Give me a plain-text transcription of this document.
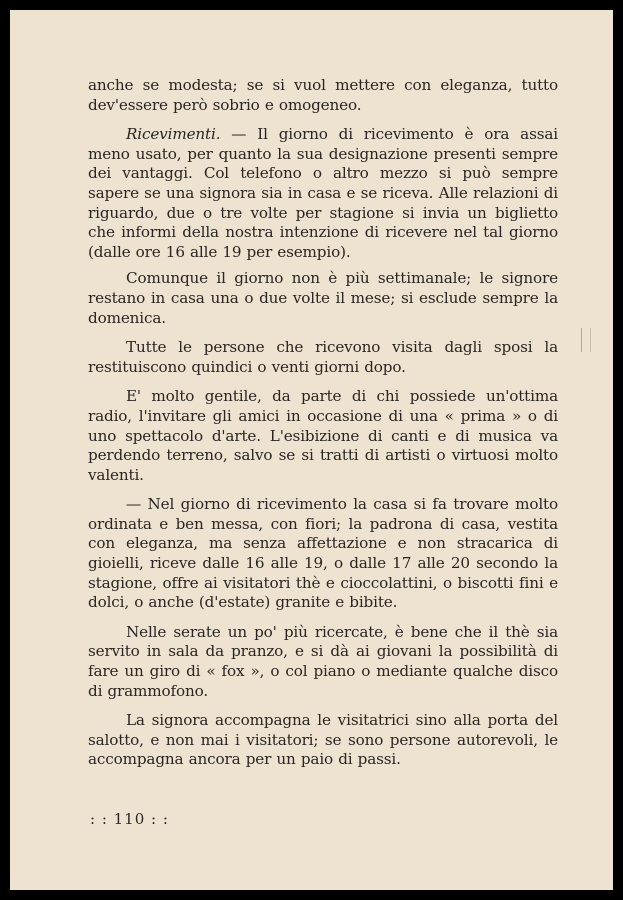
anche se modesta; se si vuol mettere con eleganza, tutto dev'essere però sobrio e omogeneo.

Ricevimenti. — Il giorno di ricevimento è ora assai meno usato, per quanto la sua designazione presenti sempre dei vantaggi. Col telefono o altro mezzo si può sempre sapere se una signora sia in casa e se riceva. Alle relazioni di riguardo, due o tre volte per stagione si invia un biglietto che informi della nostra intenzione di ricevere nel tal giorno (dalle ore 16 alle 19 per esempio).

Comunque il giorno non è più settimanale; le signore restano in casa una o due volte il mese; si esclude sempre la domenica.

Tutte le persone che ricevono visita dagli sposi la restituiscono quindici o venti giorni dopo.

E' molto gentile, da parte di chi possiede un'ottima radio, l'invitare gli amici in occasione di una « prima » o di uno spettacolo d'arte. L'esibizione di canti e di musica va perdendo terreno, salvo se si tratti di artisti o virtuosi molto valenti.

— Nel giorno di ricevimento la casa si fa trovare molto ordinata e ben messa, con fiori; la padrona di casa, vestita con eleganza, ma senza affettazione e non stracarica di gioielli, riceve dalle 16 alle 19, o dalle 17 alle 20 secondo la stagione, offre ai visitatori thè e cioccolattini, o biscotti fini e dolci, o anche (d'estate) granite e bibite.

Nelle serate un po' più ricercate, è bene che il thè sia servito in sala da pranzo, e si dà ai giovani la possibilità di fare un giro di « fox », o col piano o mediante qualche disco di grammofono.

La signora accompagna le visitatrici sino alla porta del salotto, e non mai i visitatori; se sono persone autorevoli, le accompagna ancora per un paio di passi.

: : 110 : :
